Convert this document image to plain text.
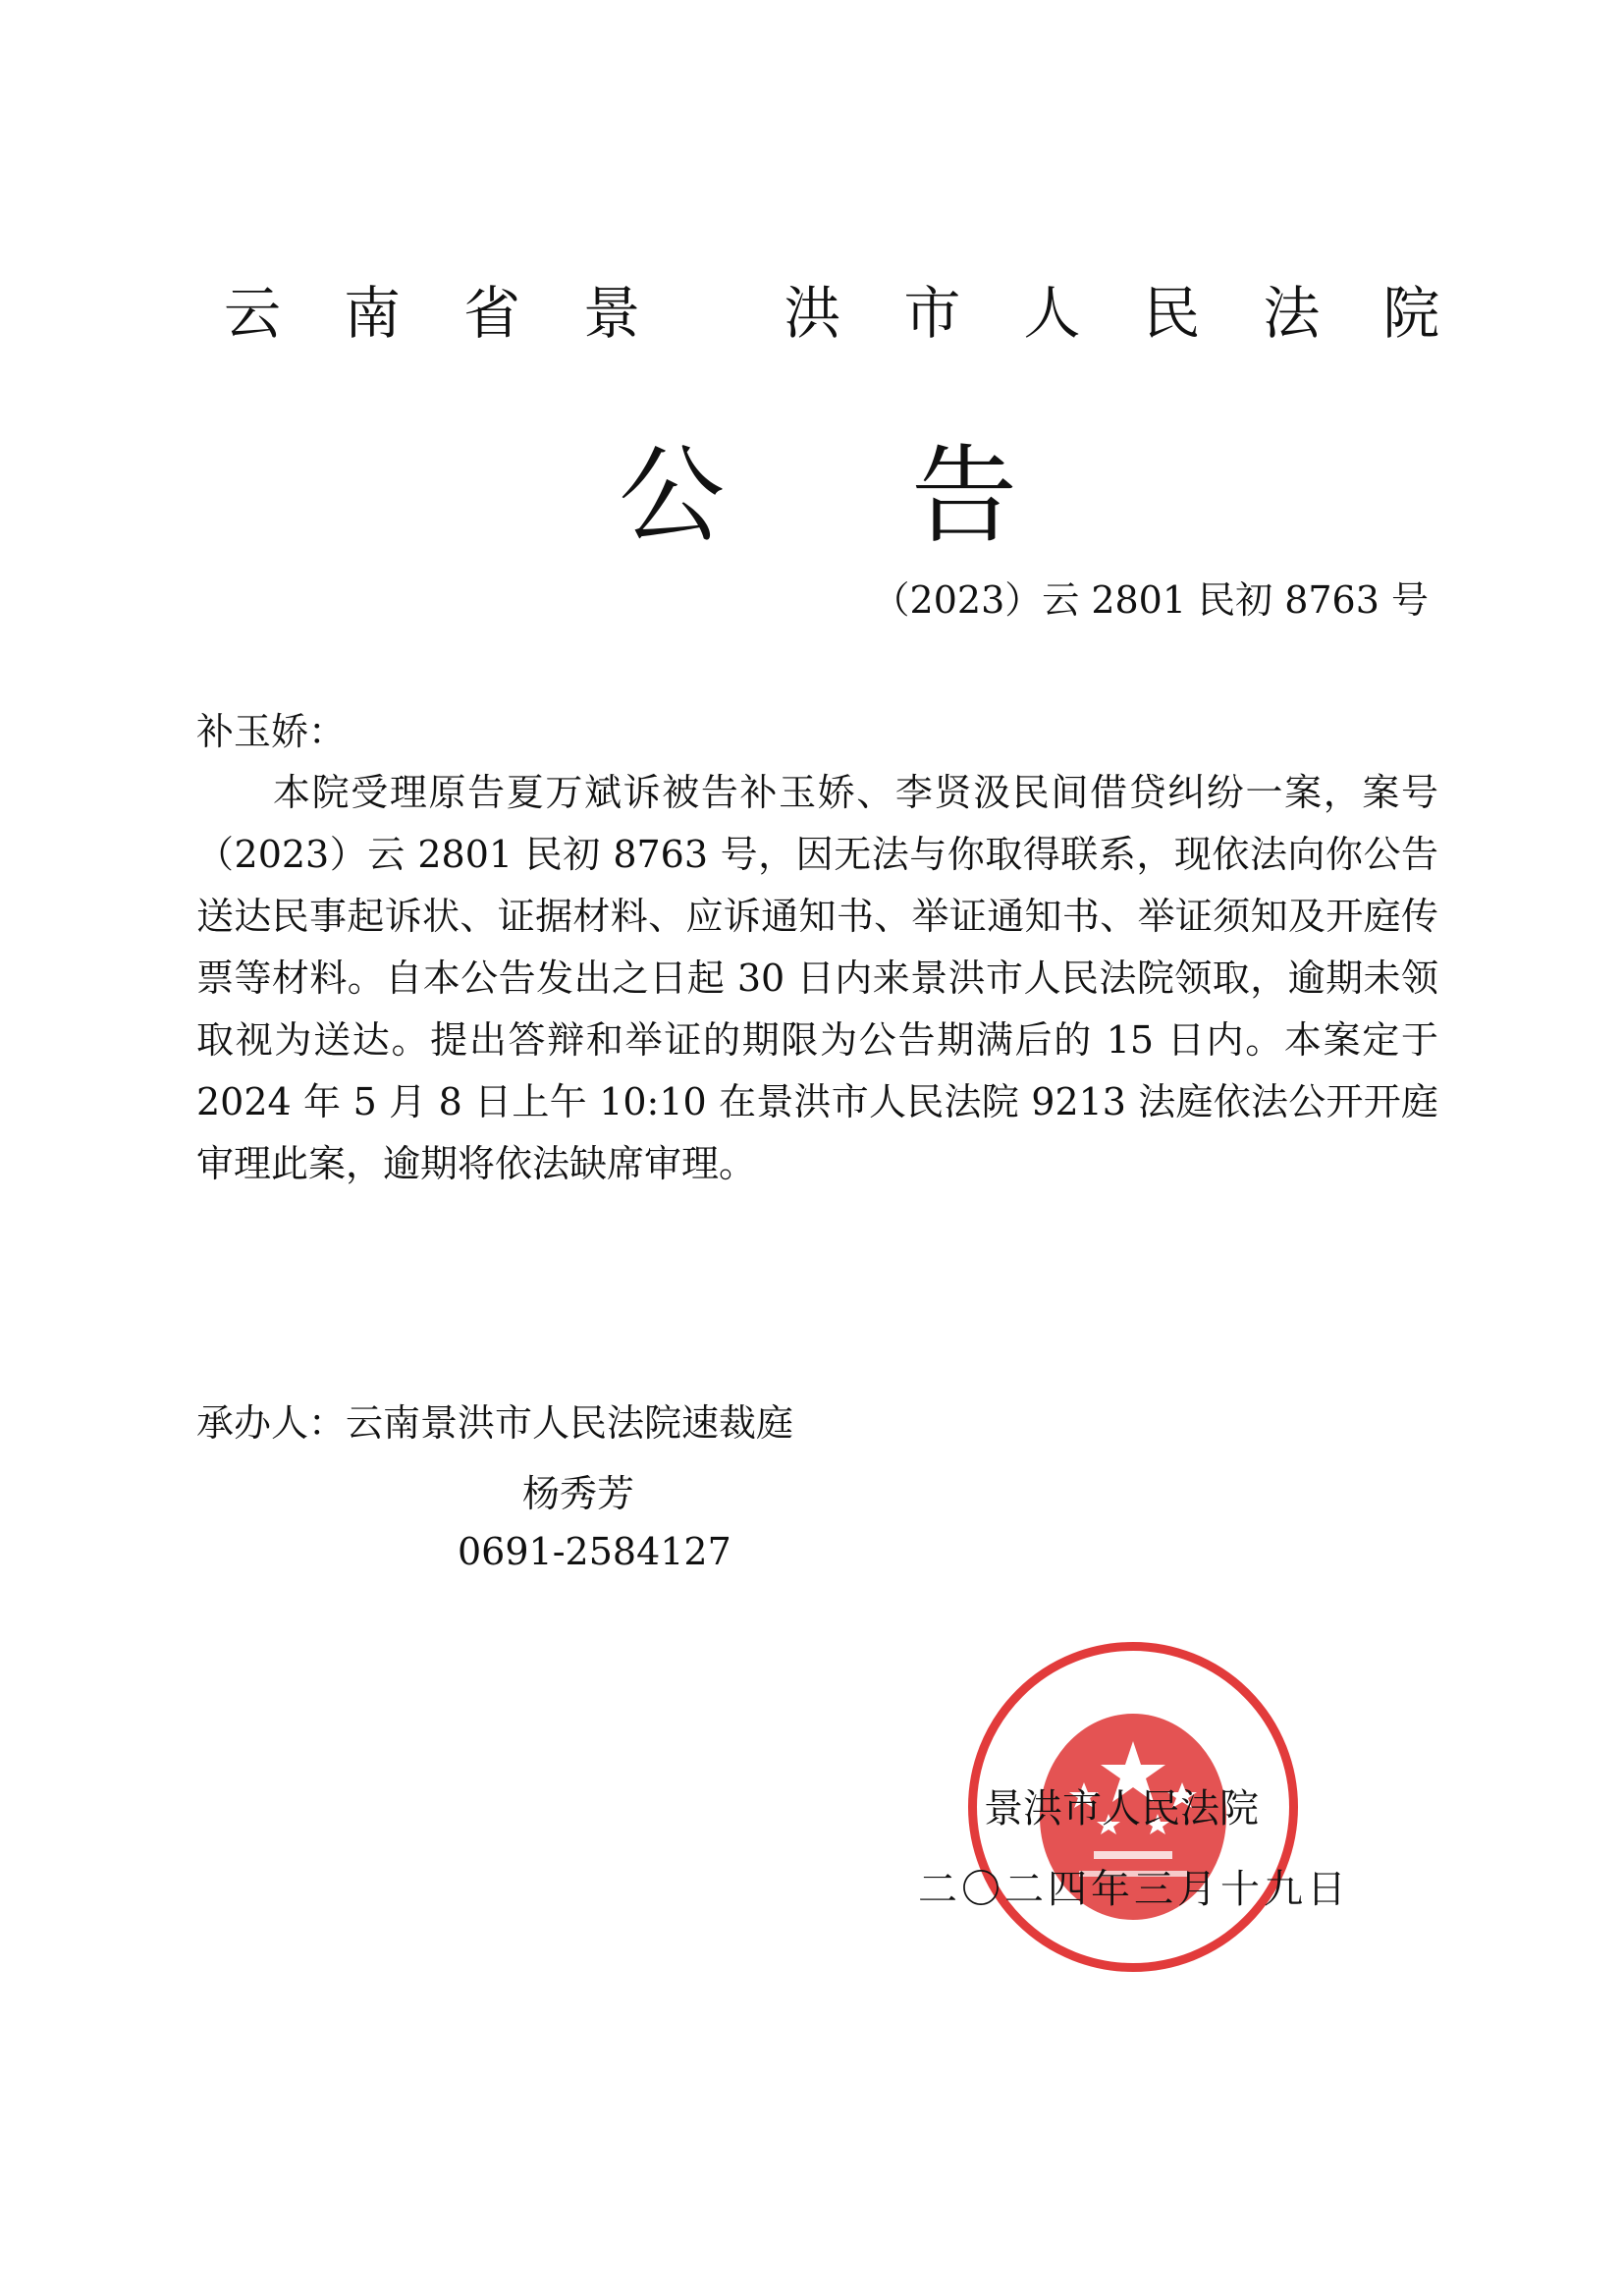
云南省景 洪市人民法院
公告
（2023）云 2801 民初 8763 号
补玉娇：
本院受理原告夏万斌诉被告补玉娇、李贤汲民间借贷纠纷一案，案号（2023）云 2801 民初 8763 号，因无法与你取得联系，现依法向你公告送达民事起诉状、证据材料、应诉通知书、举证通知书、举证须知及开庭传票等材料。自本公告发出之日起 30 日内来景洪市人民法院领取，逾期未领取视为送达。提出答辩和举证的期限为公告期满后的 15 日内。本案定于 2024 年 5 月 8 日上午 10:10 在景洪市人民法院 9213 法庭依法公开开庭审理此案，逾期将依法缺席审理。
承办人：云南景洪市人民法院速裁庭
杨秀芳
0691-2584127
景洪市人民法院
二〇二四年三月十九日
